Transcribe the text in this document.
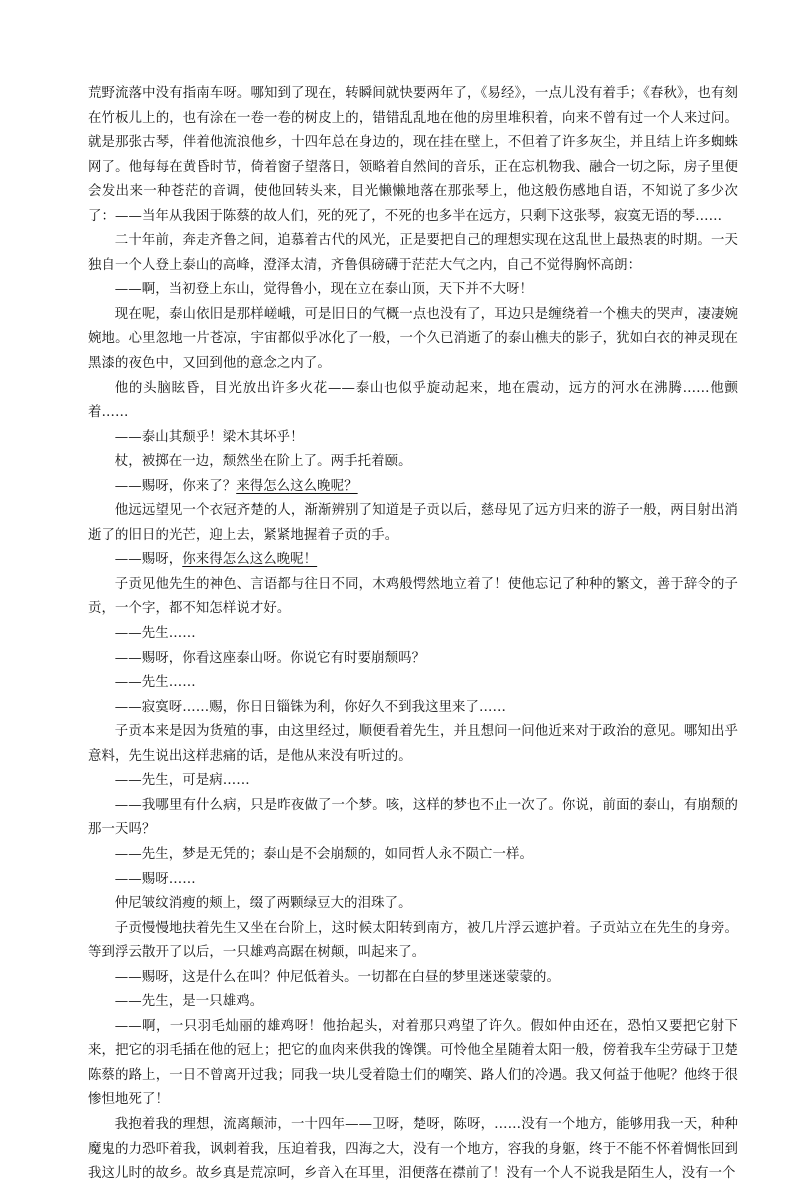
荒野流落中没有指南车呀。哪知到了现在，转瞬间就快要两年了，《易经》，一点儿没有着手；《春秋》，也有刻在竹板儿上的，也有涂在一卷一卷的树皮上的，错错乱乱地在他的房里堆积着，向来不曾有过一个人来过问。就是那张古琴，伴着他流浪他乡，十四年总在身边的，现在挂在壁上，不但着了许多灰尘，并且结上许多蜘蛛网了。他每每在黄昏时节，倚着窗子望落日，领略着自然间的音乐，正在忘机物我、融合一切之际，房子里便会发出来一种苍茫的音调，使他回转头来，目光懒懒地落在那张琴上，他这般伤感地自语，不知说了多少次了：——当年从我困于陈蔡的故人们，死的死了，不死的也多半在远方，只剩下这张琴，寂寞无语的琴……

二十年前，奔走齐鲁之间，追慕着古代的风光，正是要把自己的理想实现在这乱世上最热衷的时期。一天独自一个人登上泰山的高峰，澄泽太清，齐鲁俱磅礴于茫茫大气之内，自己不觉得胸怀高朗：

——啊，当初登上东山，觉得鲁小，现在立在泰山顶，天下并不大呀！

现在呢，泰山依旧是那样嵯峨，可是旧日的气概一点也没有了，耳边只是缠绕着一个樵夫的哭声，凄凄婉婉地。心里忽地一片苍凉，宇宙都似乎冰化了一般，一个久已消逝了的泰山樵夫的影子，犹如白衣的神灵现在黑漆的夜色中，又回到他的意念之内了。

他的头脑眩昏，目光放出许多火花——泰山也似乎旋动起来，地在震动，远方的河水在沸腾……他颤着……

——泰山其颓乎！梁木其坏乎！

杖，被掷在一边，颓然坐在阶上了。两手托着颐。

——赐呀，你来了？来得怎么这么晚呢？

他远远望见一个衣冠齐楚的人，渐渐辨别了知道是子贡以后，慈母见了远方归来的游子一般，两目射出消逝了的旧日的光芒，迎上去，紧紧地握着子贡的手。

——赐呀，你来得怎么这么晚呢！

子贡见他先生的神色、言语都与往日不同，木鸡般愕然地立着了！使他忘记了种种的繁文，善于辞令的子贡，一个字，都不知怎样说才好。

——先生……

——赐呀，你看这座泰山呀。你说它有时要崩颓吗？

——先生……

——寂寞呀……赐，你日日锱铢为利，你好久不到我这里来了……

子贡本来是因为货殖的事，由这里经过，顺便看着先生，并且想问一问他近来对于政治的意见。哪知出乎意料，先生说出这样悲痛的话，是他从来没有听过的。

——先生，可是病……

——我哪里有什么病，只是昨夜做了一个梦。咳，这样的梦也不止一次了。你说，前面的泰山，有崩颓的那一天吗？

——先生，梦是无凭的；泰山是不会崩颓的，如同哲人永不陨亡一样。

——赐呀……

仲尼皱纹消瘦的颊上，缀了两颗绿豆大的泪珠了。

子贡慢慢地扶着先生又坐在台阶上，这时候太阳转到南方，被几片浮云遮护着。子贡站立在先生的身旁。等到浮云散开了以后，一只雄鸡高踞在树颠，叫起来了。

——赐呀，这是什么在叫？仲尼低着头。一切都在白昼的梦里迷迷蒙蒙的。

——先生，是一只雄鸡。

——啊，一只羽毛灿丽的雄鸡呀！他抬起头，对着那只鸡望了许久。假如仲由还在，恐怕又要把它射下来，把它的羽毛插在他的冠上；把它的血肉来供我的馋馔。可怜他全星随着太阳一般，傍着我车尘劳碌于卫楚陈蔡的路上，一日不曾离开过我；同我一块儿受着隐士们的嘲笑、路人们的冷遇。我又何益于他呢？他终于很惨怛地死了！

我抱着我的理想，流离颠沛，一十四年——卫呀，楚呀，陈呀，……没有一个地方，能够用我一天，种种魔鬼的力恐吓着我，讽刺着我，压迫着我，四海之大，没有一个地方，容我的身躯，终于不能不怀着惆怅回到我这儿时的故乡。故乡真是荒凉呵，乡音入在耳里，泪便落在襟前了！没有一个人不说我是陌生人，没有一个
